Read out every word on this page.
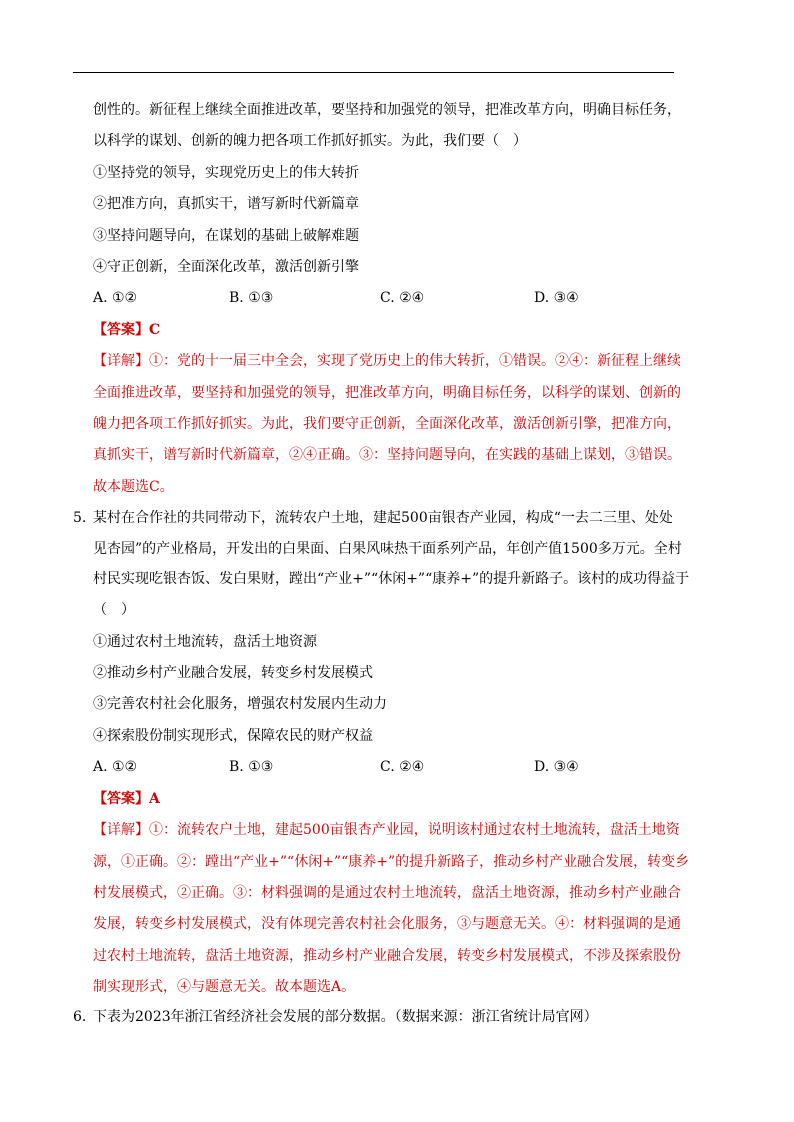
创性的。新征程上继续全面推进改革，要坚持和加强党的领导，把准改革方向，明确目标任务，
以科学的谋划、创新的魄力把各项工作抓好抓实。为此，我们要（　）
①坚持党的领导，实现党历史上的伟大转折
②把准方向，真抓实干，谱写新时代新篇章
③坚持问题导向，在谋划的基础上破解难题
④守正创新，全面深化改革，激活创新引擎
A. ①②	B. ①③	C. ②④	D. ③④
【答案】C
【详解】①：党的十一届三中全会，实现了党历史上的伟大转折，①错误。②④：新征程上继续
全面推进改革，要坚持和加强党的领导，把准改革方向，明确目标任务，以科学的谋划、创新的
魄力把各项工作抓好抓实。为此，我们要守正创新，全面深化改革，激活创新引擎，把准方向，
真抓实干，谱写新时代新篇章，②④正确。③：坚持问题导向，在实践的基础上谋划，③错误。
故本题选C。
5. 某村在合作社的共同带动下，流转农户土地，建起500亩银杏产业园，构成“一去二三里、处处
见杏园”的产业格局，开发出的白果面、白果风味热干面系列产品，年创产值1500多万元。全村
村民实现吃银杏饭、发白果财，蹚出“产业+”“休闲+”“康养+”的提升新路子。该村的成功得益于
（　）
①通过农村土地流转，盘活土地资源
②推动乡村产业融合发展，转变乡村发展模式
③完善农村社会化服务，增强农村发展内生动力
④探索股份制实现形式，保障农民的财产权益
A. ①②	B. ①③	C. ②④	D. ③④
【答案】A
【详解】①：流转农户土地，建起500亩银杏产业园，说明该村通过农村土地流转，盘活土地资
源，①正确。②：蹚出“产业+”“休闲+”“康养+”的提升新路子，推动乡村产业融合发展，转变乡
村发展模式，②正确。③：材料强调的是通过农村土地流转，盘活土地资源，推动乡村产业融合
发展，转变乡村发展模式，没有体现完善农村社会化服务，③与题意无关。④：材料强调的是通
过农村土地流转，盘活土地资源，推动乡村产业融合发展，转变乡村发展模式，不涉及探索股份
制实现形式，④与题意无关。故本题选A。
6. 下表为2023年浙江省经济社会发展的部分数据。（数据来源：浙江省统计局官网）
